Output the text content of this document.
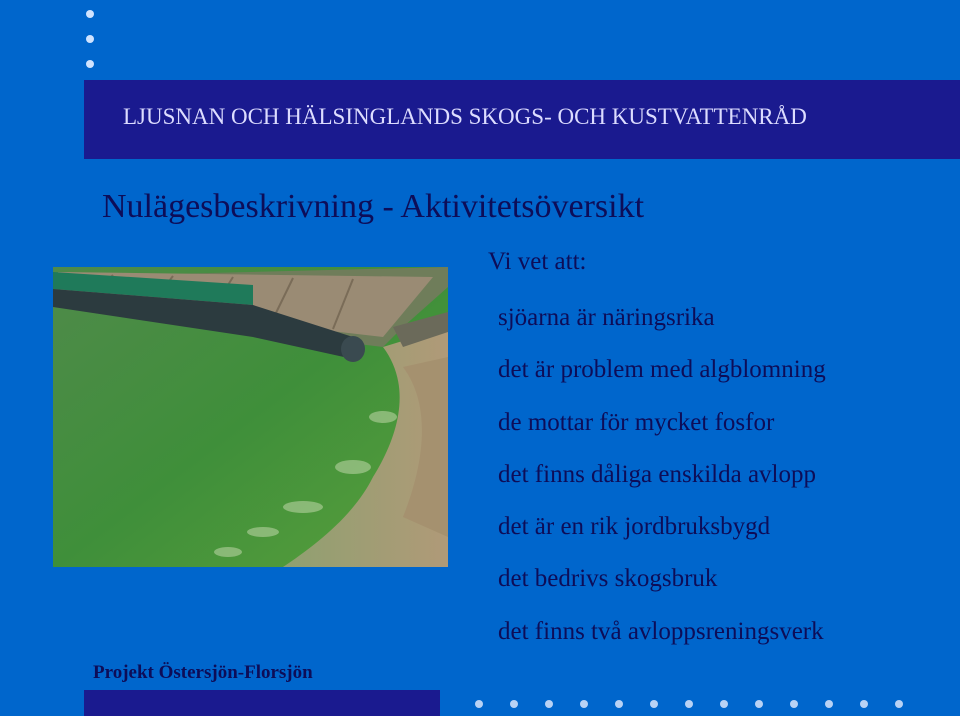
LJUSNAN OCH HÄLSINGLANDS SKOGS- OCH KUSTVATTENRÅD
Nulägesbeskrivning - Aktivitetsöversikt
Vi vet att:
sjöarna är näringsrika
det är problem med algblomning
de mottar för mycket fosfor
det finns dåliga enskilda avlopp
det är en rik jordbruksbygd
det bedrivs skogsbruk
det finns två avloppsreningsverk
Projekt Östersjön-Florsjön
